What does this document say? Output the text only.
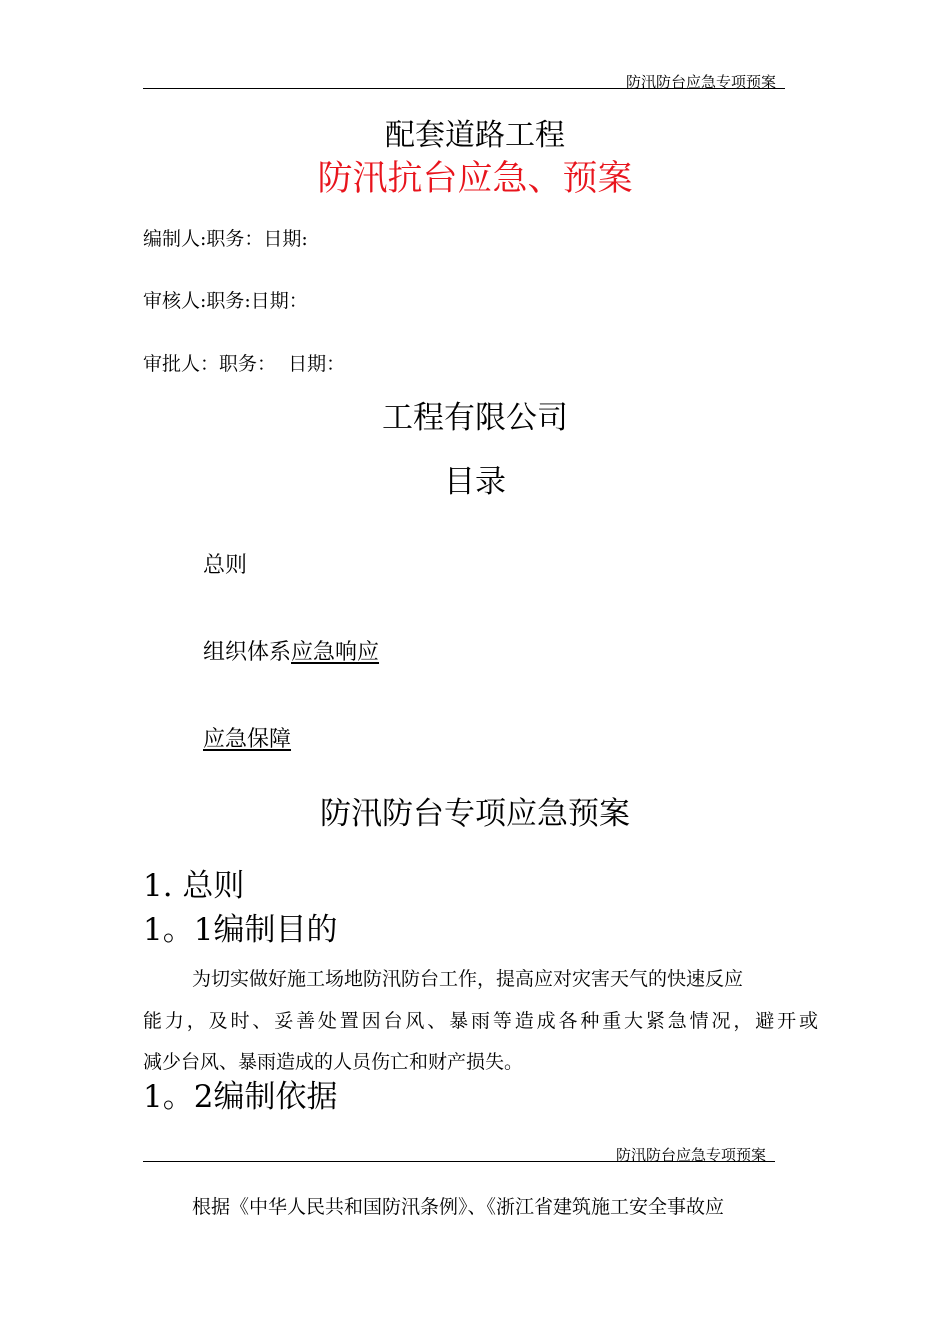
防汛防台应急专项预案
配套道路工程
防汛抗台应急、预案
编制人:职务：日期:
审核人:职务:日期：
审批人：职务：  日期：
工程有限公司
目录
总则
组织体系应急响应
应急保障
防汛防台专项应急预案
1. 总则
1。1编制目的
为切实做好施工场地防汛防台工作，提高应对灾害天气的快速反应
能力，及时、妥善处置因台风、暴雨等造成各种重大紧急情况，避开或
减少台风、暴雨造成的人员伤亡和财产损失。
1。2编制依据
防汛防台应急专项预案
根据《中华人民共和国防汛条例》、《浙江省建筑施工安全事故应
